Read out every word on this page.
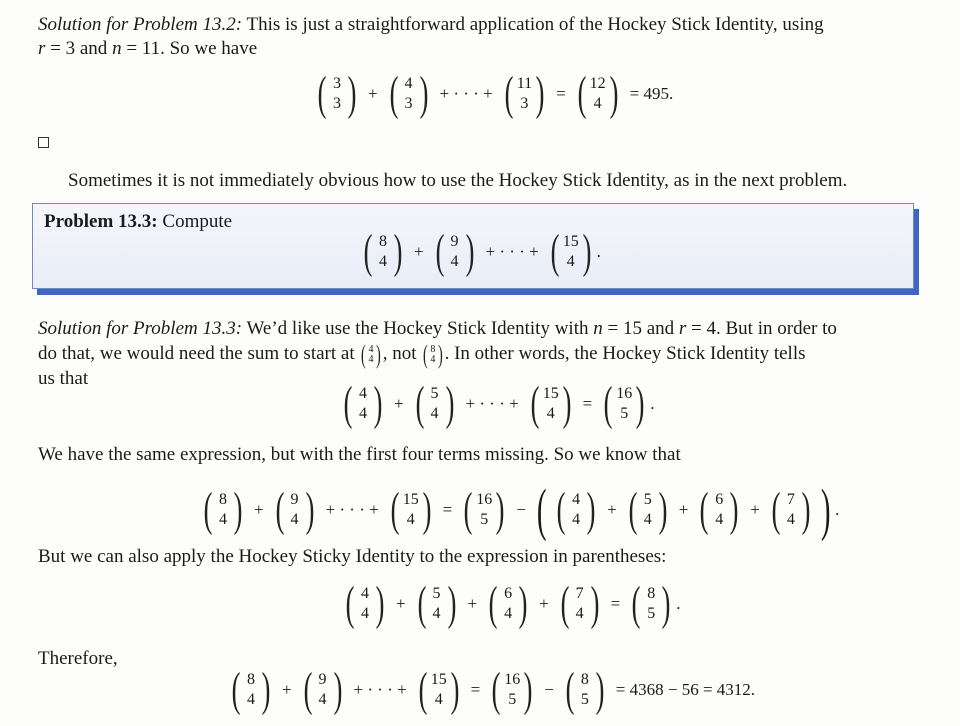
Solution for Problem 13.2: This is just a straightforward application of the Hockey Stick Identity, using
r = 3 and n = 11. So we have
( 3
3 ) + ( 4
3 ) + · · · + ( 11
3 ) = ( 12
4 ) = 495.
Sometimes it is not immediately obvious how to use the Hockey Stick Identity, as in the next problem.
Problem 13.3: Compute
( 8
4 ) + ( 9
4 ) + · · · + ( 15
4 ) .
Solution for Problem 13.3: We’d like use the Hockey Stick Identity with n = 15 and r = 4. But in order to
do that, we would need the sum to start at ( 4
4 ) , not ( 8
4 ) . In other words, the Hockey Stick Identity tells
us that	( 4
4 ) + ( 5
4 ) + · · · + ( 15
4 ) = ( 16
5 ) .
We have the same expression, but with the first four terms missing. So we know that
( 8
4 ) + ( 9
4 ) + · · · + ( 15
4 ) = ( 16
5 ) − ( ( 4
4 ) + ( 5
4 ) + ( 6
4 ) + ( 7
4 ) ) .
But we can also apply the Hockey Sticky Identity to the expression in parentheses:
( 4
4 ) + ( 5
4 ) + ( 6
4 ) + ( 7
4 ) = ( 8
5 ) .
Therefore,
( 8
4 ) + ( 9
4 ) + · · · + ( 15
4 ) = ( 16
5 ) − ( 8
5 ) = 4368 − 56 = 4312.
